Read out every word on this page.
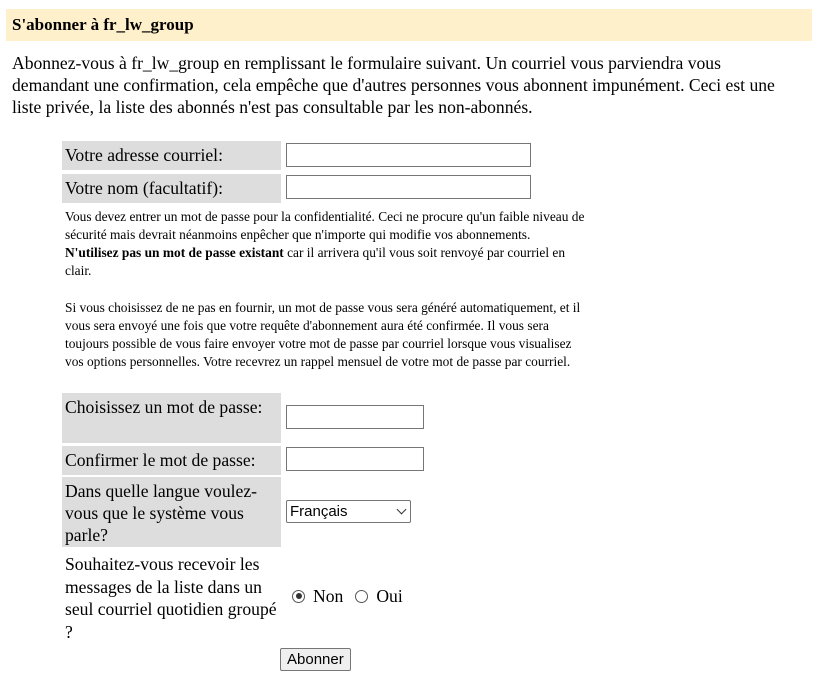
S'abonner à fr_lw_group

Abonnez-vous à fr_lw_group en remplissant le formulaire suivant. Un courriel vous parviendra vous demandant une confirmation, cela empêche que d'autres personnes vous abonnent impunément. Ceci est une liste privée, la liste des abonnés n'est pas consultable par les non-abonnés.

Votre adresse courriel:
Votre nom (facultatif):

Vous devez entrer un mot de passe pour la confidentialité. Ceci ne procure qu'un faible niveau de sécurité mais devrait néanmoins enpêcher que n'importe qui modifie vos abonnements. N'utilisez pas un mot de passe existant car il arrivera qu'il vous soit renvoyé par courriel en clair.

Si vous choisissez de ne pas en fournir, un mot de passe vous sera généré automatiquement, et il vous sera envoyé une fois que votre requête d'abonnement aura été confirmée. Il vous sera toujours possible de vous faire envoyer votre mot de passe par courriel lorsque vous visualisez vos options personnelles. Votre recevrez un rappel mensuel de votre mot de passe par courriel.

Choisissez un mot de passe:
Confirmer le mot de passe:
Dans quelle langue voulez-vous que le système vous parle?
Français
Souhaitez-vous recevoir les messages de la liste dans un seul courriel quotidien groupé ?
Non Oui
Abonner
